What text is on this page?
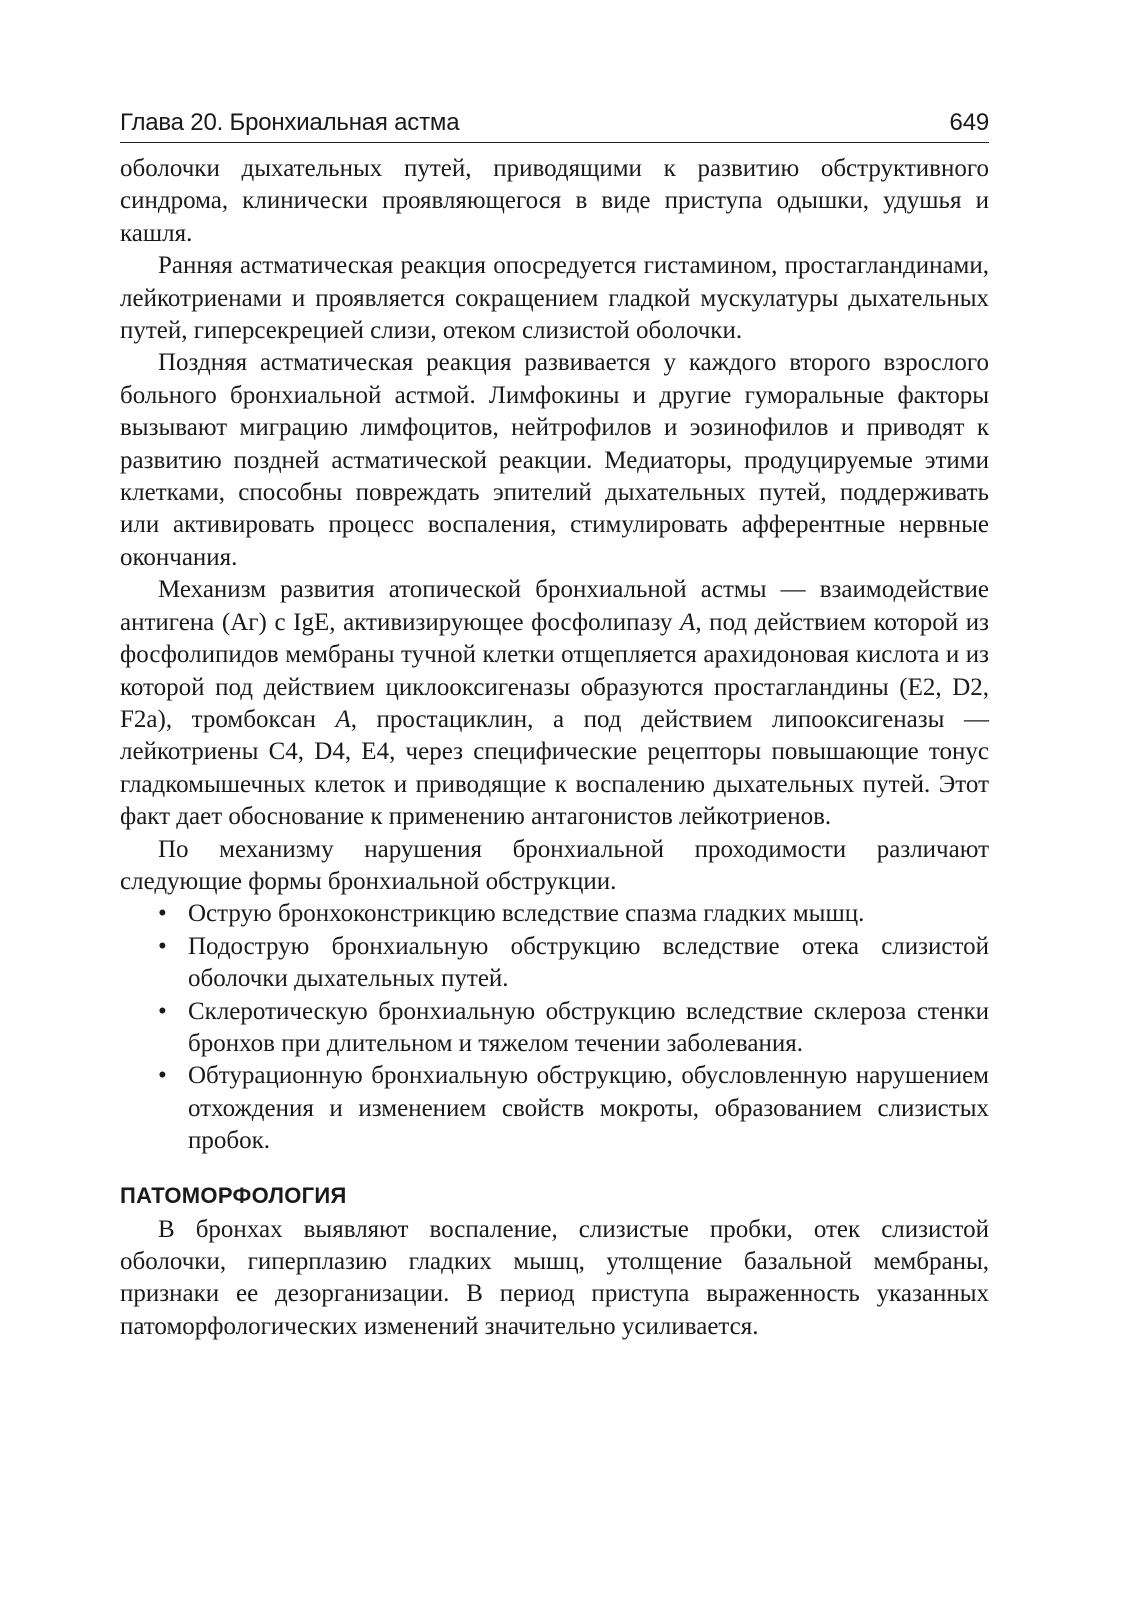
Глава 20. Бронхиальная астма	649

оболочки дыхательных путей, приводящими к развитию обструктивного синдрома, клинически проявляющегося в виде приступа одышки, удушья и кашля.

Ранняя астматическая реакция опосредуется гистамином, простагландинами, лейкотриенами и проявляется сокращением гладкой мускулатуры дыхательных путей, гиперсекрецией слизи, отеком слизистой оболочки.

Поздняя астматическая реакция развивается у каждого второго взрослого больного бронхиальной астмой. Лимфокины и другие гуморальные факторы вызывают миграцию лимфоцитов, нейтрофилов и эозинофилов и приводят к развитию поздней астматической реакции. Медиаторы, продуцируемые этими клетками, способны повреждать эпителий дыхательных путей, поддерживать или активировать процесс воспаления, стимулировать афферентные нервные окончания.

Механизм развития атопической бронхиальной астмы — взаимодействие антигена (Аг) с IgE, активизирующее фосфолипазу A, под действием которой из фосфолипидов мембраны тучной клетки отщепляется арахидоновая кислота и из которой под действием циклооксигеназы образуются простагландины (E2, D2, F2a), тромбоксан A, простациклин, а под действием липооксигеназы — лейкотриены C4, D4, E4, через специфические рецепторы повышающие тонус гладкомышечных клеток и приводящие к воспалению дыхательных путей. Этот факт дает обоснование к применению антагонистов лейкотриенов.

По механизму нарушения бронхиальной проходимости различают следующие формы бронхиальной обструкции.

• Острую бронхоконстрикцию вследствие спазма гладких мышц.
• Подострую бронхиальную обструкцию вследствие отека слизистой оболочки дыхательных путей.
• Склеротическую бронхиальную обструкцию вследствие склероза стенки бронхов при длительном и тяжелом течении заболевания.
• Обтурационную бронхиальную обструкцию, обусловленную нарушением отхождения и изменением свойств мокроты, образованием слизистых пробок.
ПАТОМОРФОЛОГИЯ

В бронхах выявляют воспаление, слизистые пробки, отек слизистой оболочки, гиперплазию гладких мышц, утолщение базальной мембраны, признаки ее дезорганизации. В период приступа выраженность указанных патоморфологических изменений значительно усиливается.
